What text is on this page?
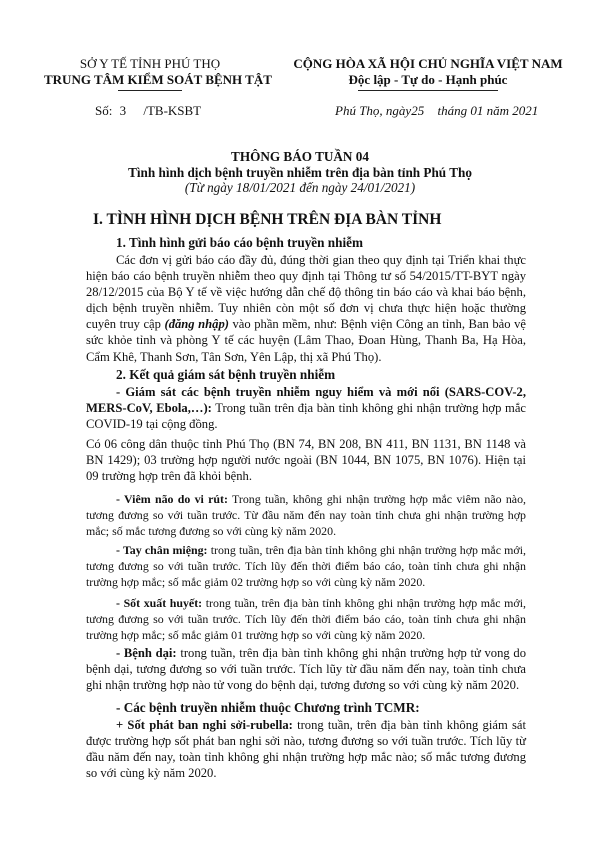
SỞ Y TẾ TỈNH PHÚ THỌ
TRUNG TÂM KIỂM SOÁT BỆNH TẬT
CỘNG HÒA XÃ HỘI CHỦ NGHĨA VIỆT NAM
Độc lập - Tự do - Hạnh phúc
Số: 3 /TB-KSBT	Phú Thọ, ngày25 tháng 01 năm 2021
THÔNG BÁO TUẦN 04
Tình hình dịch bệnh truyền nhiễm trên địa bàn tỉnh Phú Thọ
(Từ ngày 18/01/2021 đến ngày 24/01/2021)
I. TÌNH HÌNH DỊCH BỆNH TRÊN ĐỊA BÀN TỈNH
1. Tình hình gửi báo cáo bệnh truyền nhiễm
Các đơn vị gửi báo cáo đầy đủ, đúng thời gian theo quy định tại Triển khai thực hiện báo cáo bệnh truyền nhiễm theo quy định tại Thông tư số 54/2015/TT-BYT ngày 28/12/2015 của Bộ Y tế về việc hướng dẫn chế độ thông tin báo cáo và khai báo bệnh, dịch bệnh truyền nhiễm. Tuy nhiên còn một số đơn vị chưa thực hiện hoặc thường cuyên truy cập (đăng nhập) vào phần mềm, như: Bệnh viện Công an tỉnh, Ban bảo vệ sức khỏe tỉnh và phòng Y tế các huyện (Lâm Thao, Đoan Hùng, Thanh Ba, Hạ Hòa, Cẩm Khê, Thanh Sơn, Tân Sơn, Yên Lập, thị xã Phú Thọ).
2. Kết quả giám sát bệnh truyền nhiễm
- Giám sát các bệnh truyền nhiễm nguy hiểm và mới nổi (SARS-COV-2, MERS-CoV, Ebola,…): Trong tuần trên địa bàn tỉnh không ghi nhận trường hợp mắc COVID-19 tại cộng đồng.
Có 06 công dân thuộc tỉnh Phú Thọ (BN 74, BN 208, BN 411, BN 1131, BN 1148 và BN 1429); 03 trường hợp người nước ngoài (BN 1044, BN 1075, BN 1076). Hiện tại 09 trường hợp trên đã khỏi bệnh.
- Viêm não do vi rút: Trong tuần, không ghi nhận trường hợp mắc viêm não nào, tương đương so với tuần trước. Từ đầu năm đến nay toàn tỉnh chưa ghi nhận trường hợp mắc; số mắc tương đương so với cùng kỳ năm 2020.
- Tay chân miệng: trong tuần, trên địa bàn tỉnh không ghi nhận trường hợp mắc mới, tương đương so với tuần trước. Tích lũy đến thời điểm báo cáo, toàn tỉnh chưa ghi nhận trường hợp mắc; số mắc giảm 02 trường hợp so với cùng kỳ năm 2020.
- Sốt xuất huyết: trong tuần, trên địa bàn tỉnh không ghi nhận trường hợp mắc mới, tương đương so với tuần trước. Tích lũy đến thời điểm báo cáo, toàn tỉnh chưa ghi nhận trường hợp mắc; số mắc giảm 01 trường hợp so với cùng kỳ năm 2020.
- Bệnh dại: trong tuần, trên địa bàn tỉnh không ghi nhận trường hợp tử vong do bệnh dại, tương đương so với tuần trước. Tích lũy từ đầu năm đến nay, toàn tỉnh chưa ghi nhận trường hợp nào tử vong do bệnh dại, tương đương so với cùng kỳ năm 2020.
- Các bệnh truyền nhiễm thuộc Chương trình TCMR:
+ Sốt phát ban nghi sởi-rubella: trong tuần, trên địa bàn tỉnh không giám sát được trường hợp sốt phát ban nghi sởi nào, tương đương so với tuần trước. Tích lũy từ đầu năm đến nay, toàn tỉnh không ghi nhận trường hợp mắc nào; số mắc tương đương so với cùng kỳ năm 2020.
